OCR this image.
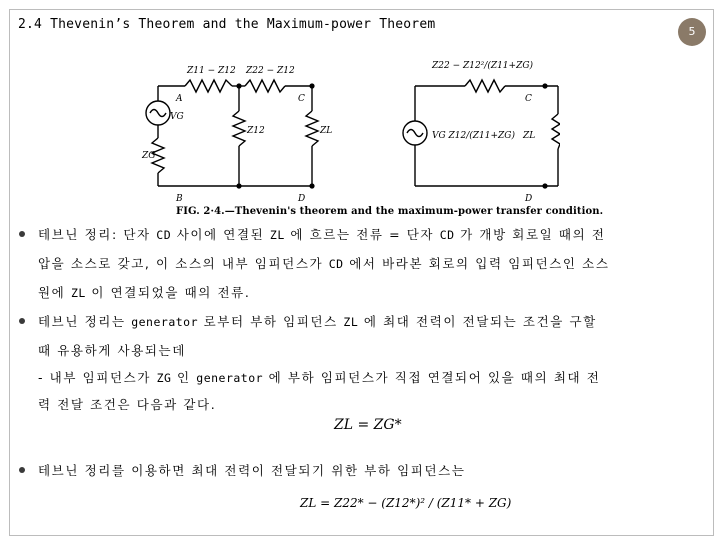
2.4 Thevenin’s Theorem and the Maximum-power Theorem	5
Z11 − Z12 Z22 − Z12
Z12
VG
ZG
ZL
A
B
C
D
Z22 − Z12²/(Z11+ZG)
VG Z12/(Z11+ZG) ZL
C
D
FIG. 2·4.—Thevenin's theorem and the maximum-power transfer condition.
테브닌 정리: 단자 CD 사이에 연결된 ZL 에 흐르는 전류 = 단자 CD 가 개방 회로일 때의 전
압을 소스로 갖고, 이 소스의 내부 임피던스가 CD 에서 바라본 회로의 입력 임피던스인 소스
원에 ZL 이 연결되었을 때의 전류.
테브닌 정리는 generator 로부터 부하 임피던스 ZL 에 최대 전력이 전달되는 조건을 구할
때 유용하게 사용되는데
- 내부 임피던스가 ZG 인 generator 에 부하 임피던스가 직접 연결되어 있을 때의 최대 전
력 전달 조건은 다음과 같다.
ZL = ZG*
테브닌 정리를 이용하면 최대 전력이 전달되기 위한 부하 임피던스는
ZL = Z22* − (Z12*)² / (Z11* + ZG)
